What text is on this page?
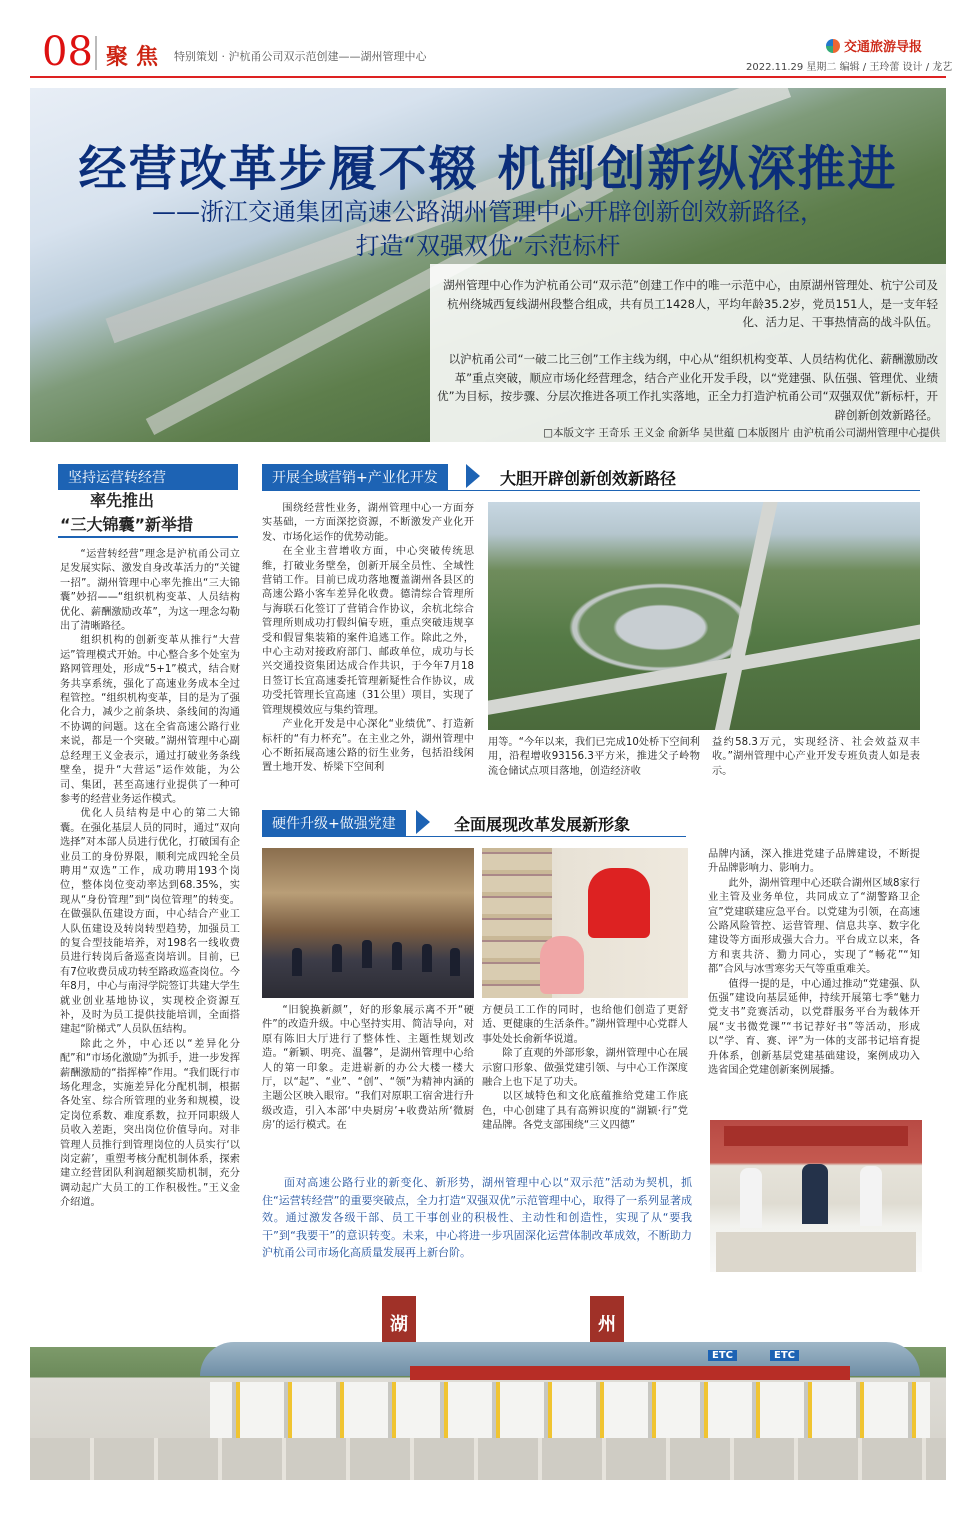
08 聚焦 特别策划 · 沪杭甬公司双示范创建——湖州管理中心
交通旅游导报
2022.11.29 星期二 编辑 / 王玲蕾 设计 / 龙艺
经营改革步履不辍 机制创新纵深推进
——浙江交通集团高速公路湖州管理中心开辟创新创效新路径，
打造“双强双优”示范标杆
湖州管理中心作为沪杭甬公司“双示范”创建工作中的唯一示范中心，由原湖州管理处、杭宁公司及杭州绕城西复线湖州段整合组成，共有员工1428人，平均年龄35.2岁，党员151人，是一支年轻化、活力足、干事热情高的战斗队伍。
以沪杭甬公司“一破二比三创”工作主线为纲，中心从“组织机构变革、人员结构优化、薪酬激励改革”重点突破，顺应市场化经营理念，结合产业化开发手段，以“党建强、队伍强、管理优、业绩优”为目标，按步骤、分层次推进各项工作扎实落地，正全力打造沪杭甬公司“双强双优”新标杆，开辟创新创效新路径。
□本版文字 王奇乐 王义金 俞新华 吴世蕴 □本版图片 由沪杭甬公司湖州管理中心提供
坚持运营转经营
率先推出
“三大锦囊”新举措

“运营转经营”理念是沪杭甬公司立足发展实际、激发自身改革活力的“关键一招”。湖州管理中心率先推出“三大锦囊”妙招——“组织机构变革、人员结构优化、薪酬激励改革”，为这一理念勾勒出了清晰路径。

组织机构的创新变革从推行“大营运”管理模式开始。中心整合多个处室为路网管理处，形成“5+1”模式，结合财务共享系统，强化了高速业务成本全过程管控。“组织机构变革，目的是为了强化合力，减少之前条块、条线间的沟通不协调的问题。这在全省高速公路行业来说，都是一个突破。”湖州管理中心副总经理王义金表示，通过打破业务条线壁垒，提升“大营运”运作效能，为公司、集团，甚至高速行业提供了一种可参考的经营业务运作模式。

优化人员结构是中心的第二大锦囊。在强化基层人员的同时，通过“双向选择”对本部人员进行优化，打破国有企业员工的身份界限，顺利完成四轮全员聘用“双选”工作，成功聘用193个岗位，整体岗位变动率达到68.35%，实现从“身份管理”到“岗位管理”的转变。在做强队伍建设方面，中心结合产业工人队伍建设及转岗转型趋势，加强员工的复合型技能培养，对198名一线收费员进行转岗后备巡查岗培训。目前，已有7位收费员成功转至路政巡查岗位。今年8月，中心与南浔学院签订共建大学生就业创业基地协议，实现校企资源互补，及时为员工提供技能培训，全面搭建起“阶梯式”人员队伍结构。

除此之外，中心还以“差异化分配”和“市场化激励”为抓手，进一步发挥薪酬激励的“指挥棒”作用。“我们既行市场化理念，实施差异化分配机制，根据各处室、综合所管理的业务和规模，设定岗位系数、难度系数，拉开同职级人员收入差距，突出岗位价值导向。对非管理人员推行到管理岗位的人员实行‘以岗定薪’，重塑考核分配机制体系，探索建立经营团队利润超额奖励机制，充分调动起广大员工的工作积极性。”王义金介绍道。

开展全域营销+产业化开发	大胆开辟创新创效新路径

围绕经营性业务，湖州管理中心一方面夯实基础，一方面深挖资源，不断激发产业化开发、市场化运作的优势动能。

在全业主营增收方面，中心突破传统思维，打破业务壁垒，创新开展全员性、全域性营销工作。目前已成功落地覆盖湖州各县区的高速公路小客车差异化收费。德清综合管理所与海联石化签订了营销合作协议，余杭北综合管理所则成功打假纠偏专班，重点突破违规享受和假冒集装箱的案件追逃工作。除此之外，中心主动对接政府部门、邮政单位，成功与长兴交通投资集团达成合作共识，于今年7月18日签订长宜高速委托管理新疑性合作协议，成功受托管理长宜高速（31公里）项目，实现了管理规模效应与集约管理。

产业化开发是中心深化“业绩优”、打造新标杆的“有力杯充”。在主业之外，湖州管理中心不断拓展高速公路的衍生业务，包括沿线闲置土地开发、桥梁下空间利

用等。“今年以来，我们已完成10处桥下空间利用，沿程增收93156.3平方米，推进父子岭物流仓储试点项目落地，创造经济收

益约58.3万元，实现经济、社会效益双丰收。”湖州管理中心产业开发专班负责人如是表示。

硬件升级+做强党建	全面展现改革发展新形象

“旧貌换新颜”，好的形象展示离不开“硬件”的改造升级。中心坚持实用、简洁导向，对原有陈旧大厅进行了整体性、主题性规划改造。“新颖、明亮、温馨”，是湖州管理中心给人的第一印象。走进崭新的办公大楼一楼大厅，以“起”、“业”、“创”、“领”为精神内涵的主题公区映入眼帘。“我们对原职工宿舍进行升级改造，引入本部‘中央厨房’+收费站所‘微厨房’的运行模式。在

方便员工工作的同时，也给他们创造了更舒适、更健康的生活条件。”湖州管理中心党群人事处处长俞新华说道。

除了直观的外部形象，湖州管理中心在展示窗口形象、做强党建引领、与中心工作深度融合上也下足了功夫。

以区域特色和文化底蕴推给党建工作底色，中心创建了具有高辨识度的“湖颖·行”党建品牌。各党支部围绕“三义四德”

品牌内涵，深入推进党建子品牌建设，不断提升品牌影响力、影响力。

此外，湖州管理中心还联合湖州区域8家行业主管及业务单位，共同成立了“湖警路卫企宣”党建联建应急平台。以党建为引领，在高速公路风险管控、运营管理、信息共享、数字化建设等方面形成强大合力。平台成立以来，各方和衷共济、勠力同心，实现了“畅花”“知都”合风与冰雪寒劣天气等重重难关。

值得一提的是，中心通过推动“党建强、队伍强”建设向基层延伸，持续开展第七季“魅力党支书”竞赛活动，以党群服务平台为载体开展“支书微党课”“书记荐好书”等活动，形成以“学、育、赛、评”为一体的支部书记培育提升体系，创新基层党建基础建设，案例成功入选省国企党建创新案例展播。

面对高速公路行业的新变化、新形势，湖州管理中心以“双示范”活动为契机，抓住“运营转经营”的重要突破点，全力打造“双强双优”示范管理中心，取得了一系列显著成效。通过激发各级干部、员工干事创业的积极性、主动性和创造性，实现了从“要我干”到“我要干”的意识转变。未来，中心将进一步巩固深化运营体制改革成效，不断助力沪杭甬公司市场化高质量发展再上新台阶。
湖	州
ETC	ETC
